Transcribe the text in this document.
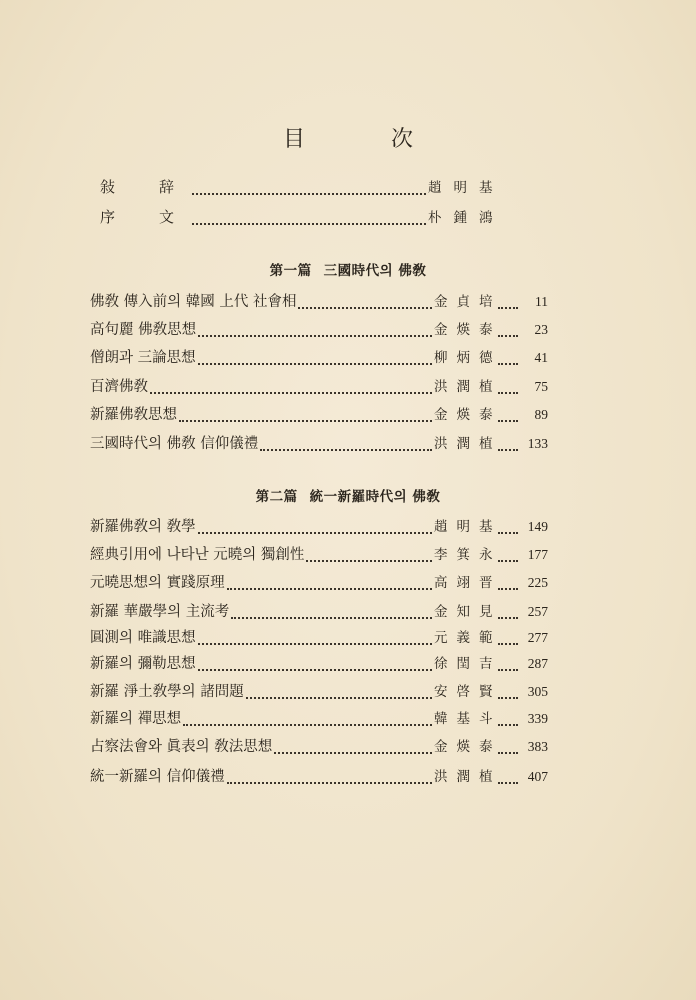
目	次
敍辞	趙明基
序文	朴鍾鴻
第一篇 三國時代의 佛敎
佛敎 傳入前의 韓國 上代 社會相	金貞培	11
高句麗 佛敎思想	金煐泰	23
僧朗과 三論思想	柳炳德	41
百濟佛敎	洪潤植	75
新羅佛敎思想	金煐泰	89
三國時代의 佛敎 信仰儀禮	洪潤植	133
第二篇 統一新羅時代의 佛敎
新羅佛敎의 敎學	趙明基	149
經典引用에 나타난 元曉의 獨創性	李箕永	177
元曉思想의 實踐原理	高翊晋	225
新羅 華嚴學의 主流考	金知見	257
圓測의 唯識思想	元義範	277
新羅의 彌勒思想	徐閏吉	287
新羅 淨土敎學의 諸問題	安啓賢	305
新羅의 禪思想	韓基斗	339
占察法會와 眞表의 敎法思想	金煐泰	383
統一新羅의 信仰儀禮	洪潤植	407
